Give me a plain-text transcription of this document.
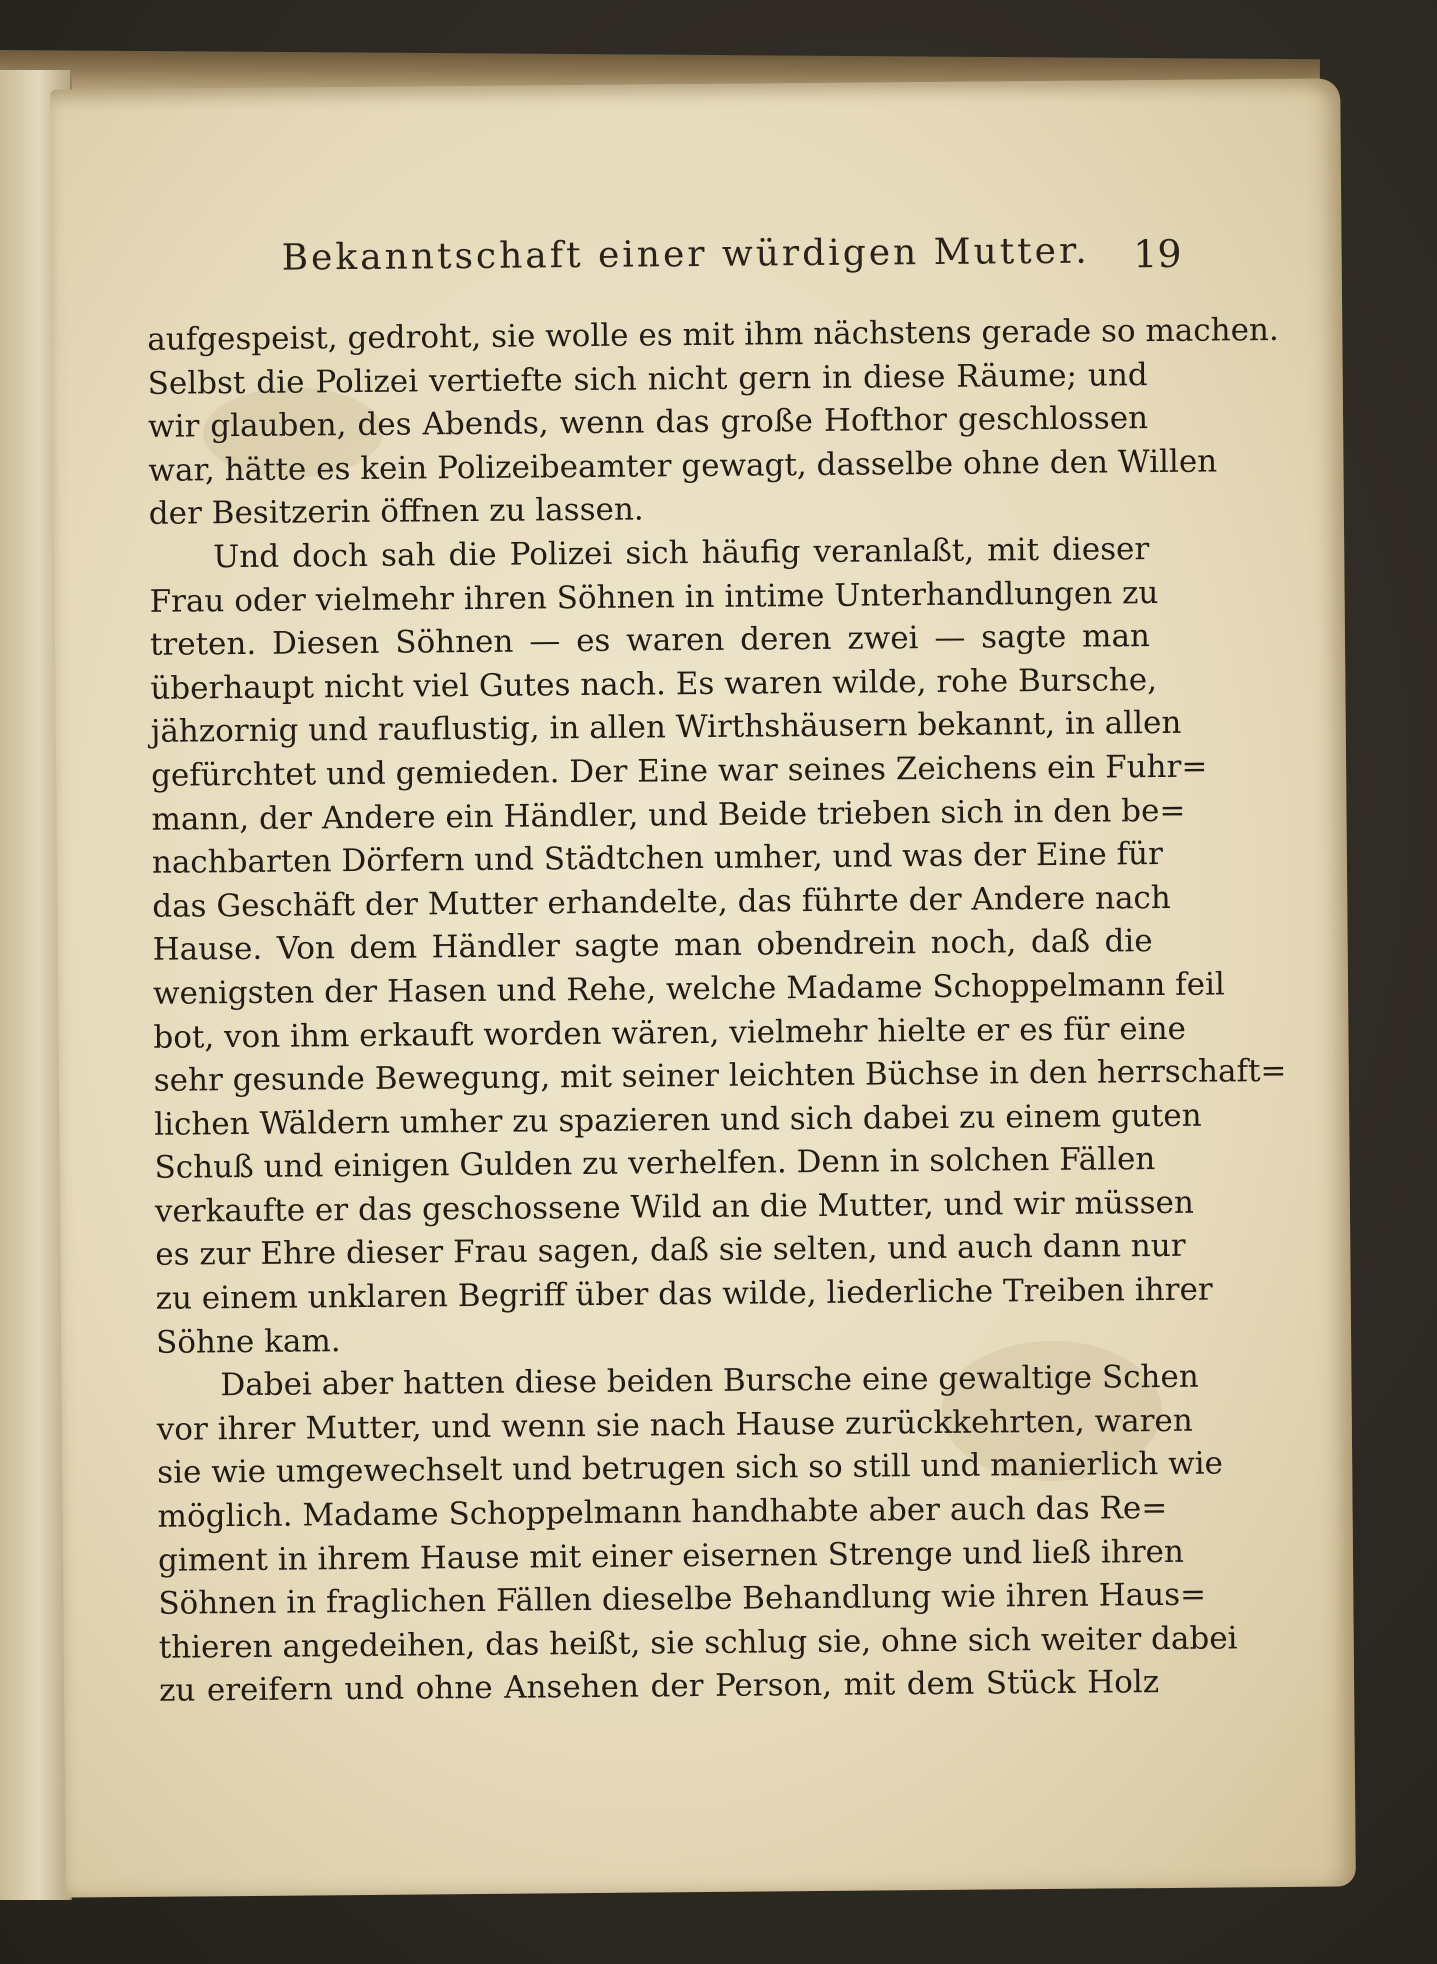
Bekanntschaft einer würdigen Mutter. 19

aufgespeist, gedroht, sie wolle es mit ihm nächstens gerade so machen.
Selbst die Polizei vertiefte sich nicht gern in diese Räume; und
wir glauben, des Abends, wenn das große Hofthor geschlossen
war, hätte es kein Polizeibeamter gewagt, dasselbe ohne den Willen
der Besitzerin öffnen zu lassen.

Und doch sah die Polizei sich häufig veranlaßt, mit dieser
Frau oder vielmehr ihren Söhnen in intime Unterhandlungen zu
treten. Diesen Söhnen — es waren deren zwei — sagte man
überhaupt nicht viel Gutes nach. Es waren wilde, rohe Bursche,
jähzornig und rauflustig, in allen Wirthshäusern bekannt, in allen
gefürchtet und gemieden. Der Eine war seines Zeichens ein Fuhr=
mann, der Andere ein Händler, und Beide trieben sich in den be=
nachbarten Dörfern und Städtchen umher, und was der Eine für
das Geschäft der Mutter erhandelte, das führte der Andere nach
Hause. Von dem Händler sagte man obendrein noch, daß die
wenigsten der Hasen und Rehe, welche Madame Schoppelmann feil
bot, von ihm erkauft worden wären, vielmehr hielte er es für eine
sehr gesunde Bewegung, mit seiner leichten Büchse in den herrschaft=
lichen Wäldern umher zu spazieren und sich dabei zu einem guten
Schuß und einigen Gulden zu verhelfen. Denn in solchen Fällen
verkaufte er das geschossene Wild an die Mutter, und wir müssen
es zur Ehre dieser Frau sagen, daß sie selten, und auch dann nur
zu einem unklaren Begriff über das wilde, liederliche Treiben ihrer
Söhne kam.

Dabei aber hatten diese beiden Bursche eine gewaltige Schen
vor ihrer Mutter, und wenn sie nach Hause zurückkehrten, waren
sie wie umgewechselt und betrugen sich so still und manierlich wie
möglich. Madame Schoppelmann handhabte aber auch das Re=
giment in ihrem Hause mit einer eisernen Strenge und ließ ihren
Söhnen in fraglichen Fällen dieselbe Behandlung wie ihren Haus=
thieren angedeihen, das heißt, sie schlug sie, ohne sich weiter dabei
zu ereifern und ohne Ansehen der Person, mit dem Stück Holz
